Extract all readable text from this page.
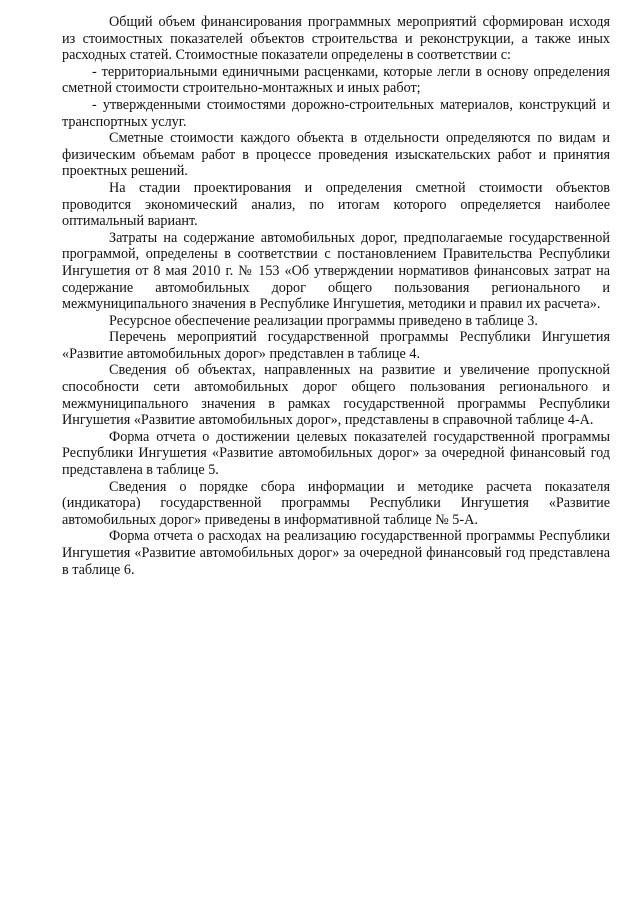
Общий объем финансирования программных мероприятий сформирован исходя из стоимостных показателей объектов строительства и реконструкции, а также иных расходных статей. Стоимостные показатели определены в соответствии с:

- территориальными единичными расценками, которые легли в основу определения сметной стоимости строительно-монтажных и иных работ;

- утвержденными стоимостями дорожно-строительных материалов, конструкций и транспортных услуг.

Сметные стоимости каждого объекта в отдельности определяются по видам и физическим объемам работ в процессе проведения изыскательских работ и принятия проектных решений.

На стадии проектирования и определения сметной стоимости объектов проводится экономический анализ, по итогам которого определяется наиболее оптимальный вариант.

Затраты на содержание автомобильных дорог, предполагаемые государственной программой, определены в соответствии с постановлением Правительства Республики Ингушетия от 8 мая 2010 г. № 153 «Об утверждении нормативов финансовых затрат на содержание автомобильных дорог общего пользования регионального и межмуниципального значения в Республике Ингушетия, методики и правил их расчета».

Ресурсное обеспечение реализации программы приведено в таблице 3.

Перечень мероприятий государственной программы Республики Ингушетия «Развитие автомобильных дорог» представлен в таблице 4.

Сведения об объектах, направленных на развитие и увеличение пропускной способности сети автомобильных дорог общего пользования регионального и межмуниципального значения в рамках государственной программы Республики Ингушетия «Развитие автомобильных дорог», представлены в справочной таблице 4-А.

Форма отчета о достижении целевых показателей государственной программы Республики Ингушетия «Развитие автомобильных дорог» за очередной финансовый год представлена в таблице 5.

Сведения о порядке сбора информации и методике расчета показателя (индикатора) государственной программы Республики Ингушетия «Развитие автомобильных дорог» приведены в информативной таблице № 5-А.

Форма отчета о расходах на реализацию государственной программы Республики Ингушетия «Развитие автомобильных дорог» за очередной финансовый год представлена в таблице 6.
